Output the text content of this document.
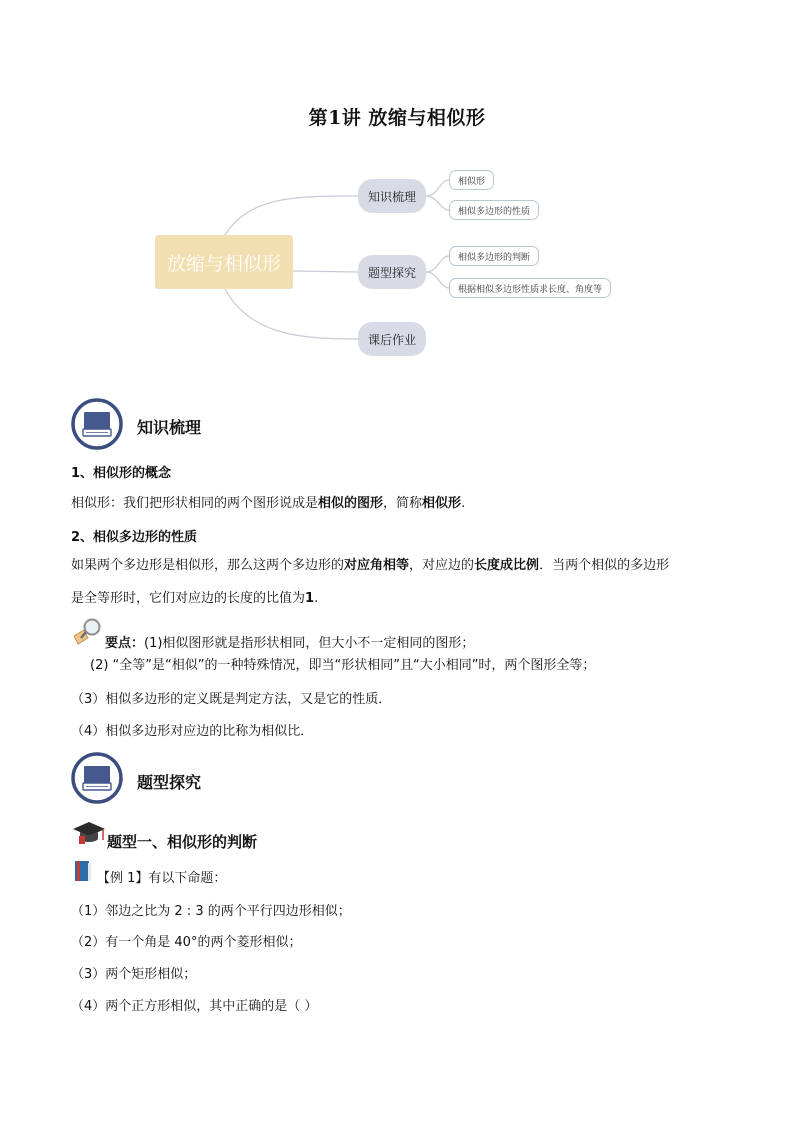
第1讲 放缩与相似形
放缩与相似形
知识梳理
题型探究
课后作业
相似形
相似多边形的性质
相似多边形的判断
根据相似多边形性质求长度、角度等
知识梳理
1、相似形的概念
相似形：我们把形状相同的两个图形说成是相似的图形，简称相似形.
2、相似多边形的性质
如果两个多边形是相似形，那么这两个多边形的对应角相等，对应边的长度成比例．当两个相似的多边形
是全等形时，它们对应边的长度的比值为1.
要点：(1)相似图形就是指形状相同，但大小不一定相同的图形；
(2) “全等”是“相似”的一种特殊情况，即当“形状相同”且“大小相同”时，两个图形全等；
（3）相似多边形的定义既是判定方法，又是它的性质．
（4）相似多边形对应边的比称为相似比．
题型探究
题型一、相似形的判断
【例 1】有以下命题：
（1）邻边之比为 2 : 3 的两个平行四边形相似；
（2）有一个角是 40°的两个菱形相似；
（3）两个矩形相似；
（4）两个正方形相似，其中正确的是（ ）
